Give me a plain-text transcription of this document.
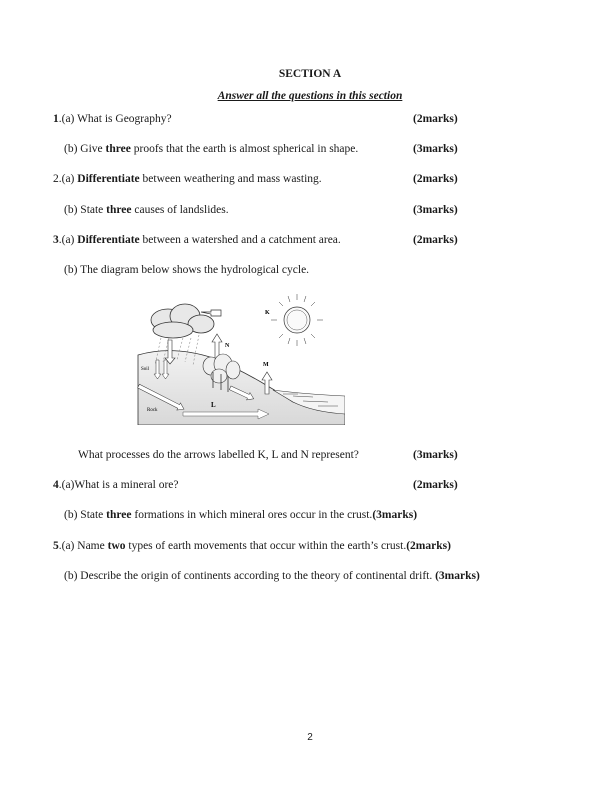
SECTION A
Answer all the questions in this section
1.(a) What is Geography?	(2marks)
(b) Give three proofs that the earth is almost spherical in shape.	(3marks)
2.(a) Differentiate between weathering and mass wasting.	(2marks)
(b) State three causes of landslides.	(3marks)
3.(a) Differentiate between a watershed and a catchment area.	(2marks)
(b) The diagram below shows the hydrological cycle.
N
M
L
K
Soil
Rock
What processes do the arrows labelled K, L and N represent?	(3marks)
4.(a)What is a mineral ore?	(2marks)
(b) State three formations in which mineral ores occur in the crust.(3marks)
5.(a) Name two types of earth movements that occur within the earth’s crust.(2marks)
(b) Describe the origin of continents according to the theory of continental drift. (3marks)
2
